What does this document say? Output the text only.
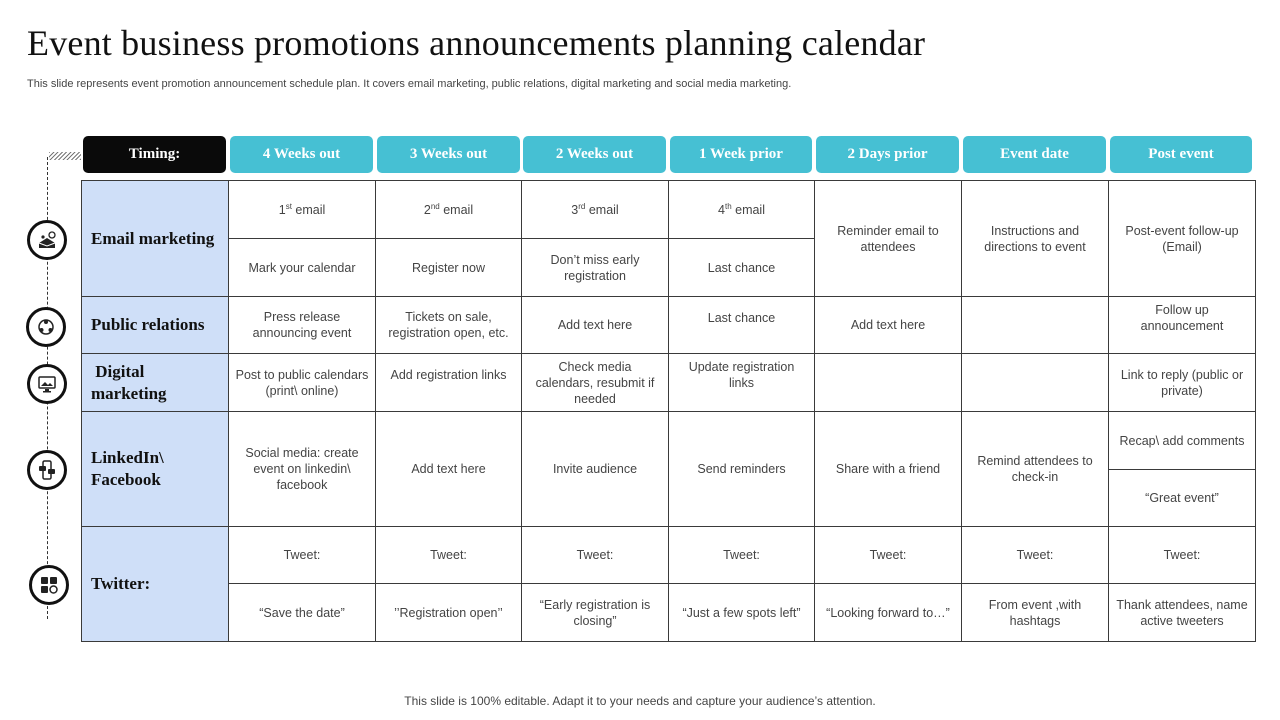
Event business promotions announcements planning calendar

This slide represents event promotion announcement schedule plan. It covers email marketing, public relations, digital marketing and social media marketing.

Timing:	4 Weeks out	3 Weeks out	2 Weeks out	1 Week prior	2 Days prior	Event date	Post event
Email marketing	1st email	2nd email	3rd email	4th email	Reminder email to attendees	Instructions and directions to event	Post-event follow-up (Email)
	Mark your calendar	Register now	Don’t miss early registration	Last chance			
Public relations	Press release announcing event	Tickets on sale, registration open, etc.	Add text here	Last chance	Add text here		Follow up announcement
Digital marketing	Post to public calendars (print\ online)	Add registration links	Check media calendars, resubmit if needed	Update registration links			Link to reply (public or private)
LinkedIn\ Facebook	Social media: create event on linkedin\ facebook	Add text here	Invite audience	Send reminders	Share with a friend	Remind attendees to check-in	Recap\ add comments
							“Great event”
Twitter:	Tweet:	Tweet:	Tweet:	Tweet:	Tweet:	Tweet:	Tweet:
	“Save the date”	’’Registration open’’	“Early registration is closing”	“Just a few spots left”	“Looking forward to…”	From event ,with hashtags	Thank attendees, name active tweeters

This slide is 100% editable. Adapt it to your needs and capture your audience’s attention.
